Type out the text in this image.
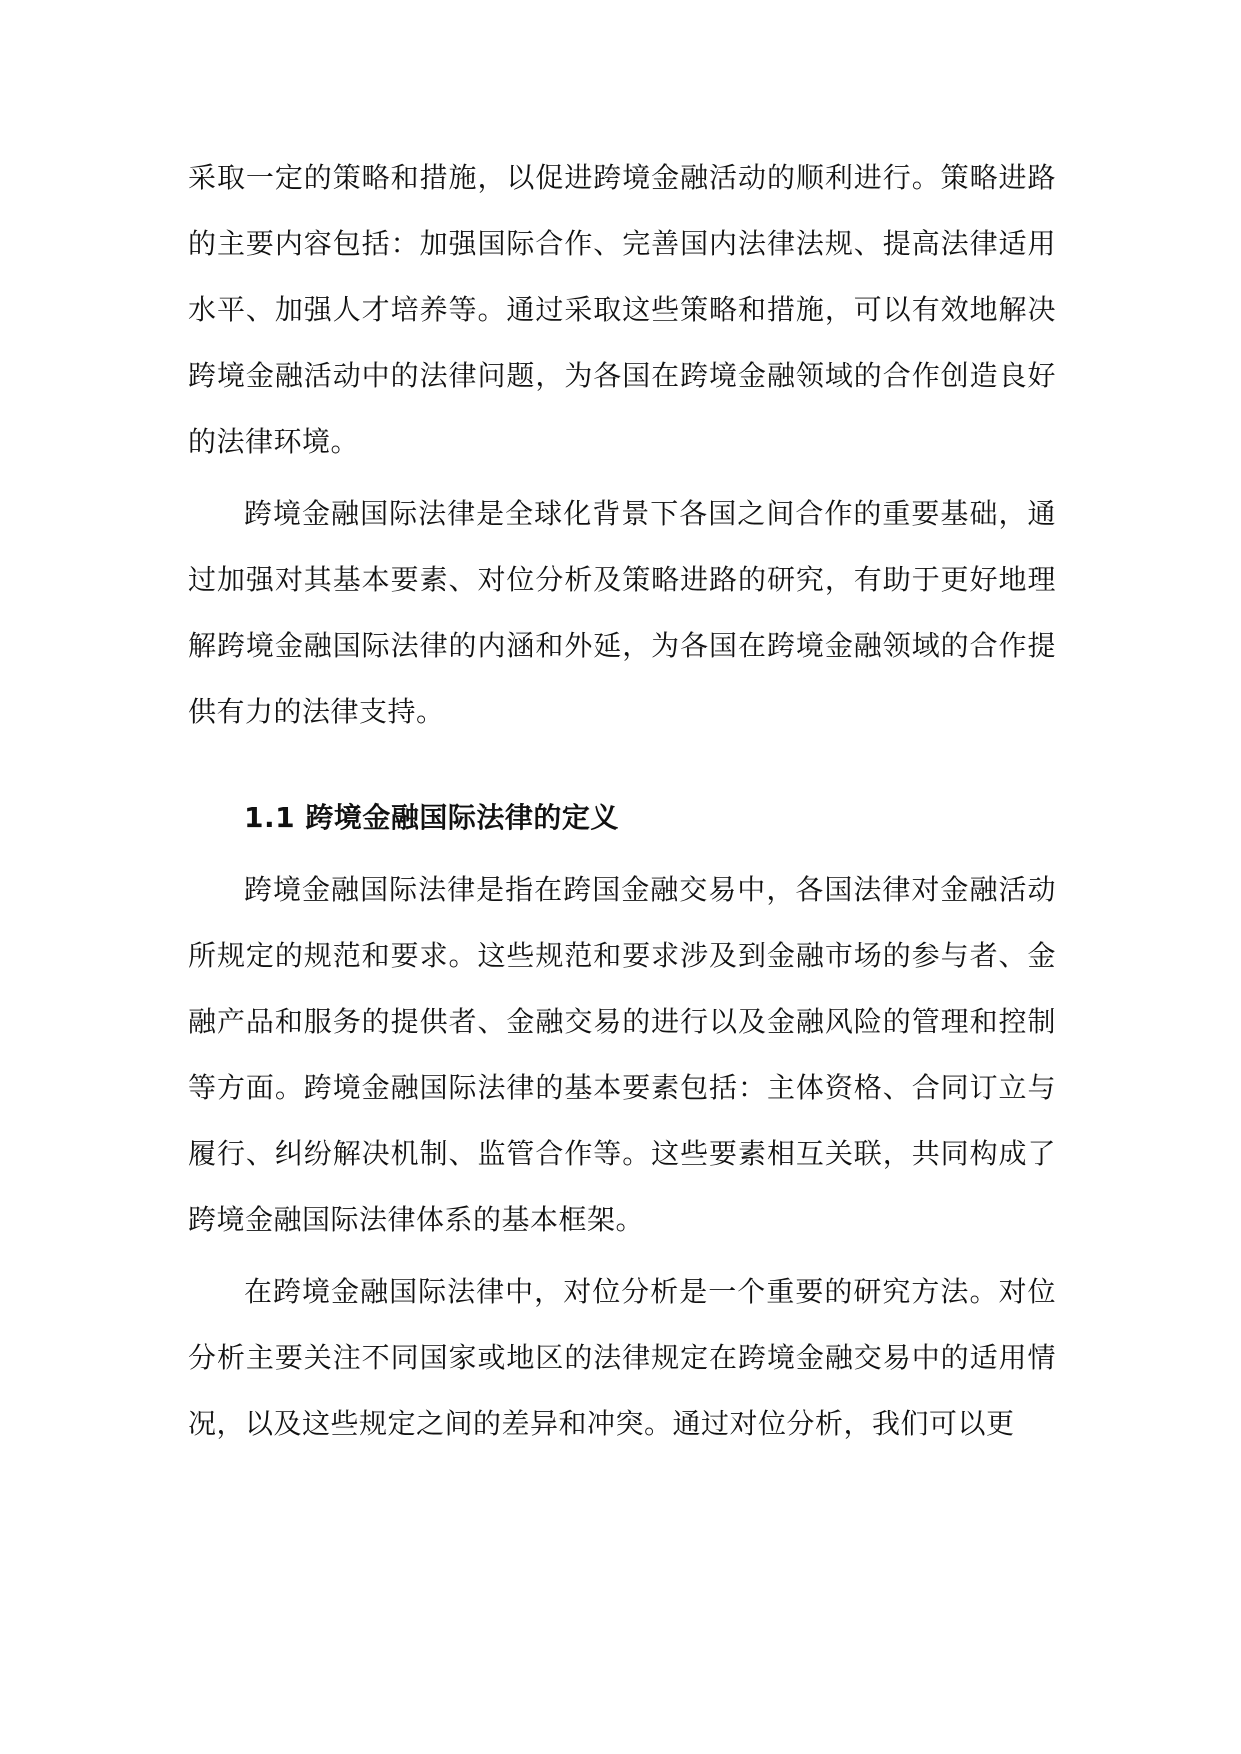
采取一定的策略和措施，以促进跨境金融活动的顺利进行。策略进路的主要内容包括：加强国际合作、完善国内法律法规、提高法律适用水平、加强人才培养等。通过采取这些策略和措施，可以有效地解决跨境金融活动中的法律问题，为各国在跨境金融领域的合作创造良好的法律环境。

跨境金融国际法律是全球化背景下各国之间合作的重要基础，通过加强对其基本要素、对位分析及策略进路的研究，有助于更好地理解跨境金融国际法律的内涵和外延，为各国在跨境金融领域的合作提供有力的法律支持。

1.1 跨境金融国际法律的定义

跨境金融国际法律是指在跨国金融交易中，各国法律对金融活动所规定的规范和要求。这些规范和要求涉及到金融市场的参与者、金融产品和服务的提供者、金融交易的进行以及金融风险的管理和控制等方面。跨境金融国际法律的基本要素包括：主体资格、合同订立与履行、纠纷解决机制、监管合作等。这些要素相互关联，共同构成了跨境金融国际法律体系的基本框架。

在跨境金融国际法律中，对位分析是一个重要的研究方法。对位分析主要关注不同国家或地区的法律规定在跨境金融交易中的适用情况，以及这些规定之间的差异和冲突。通过对位分析，我们可以更
